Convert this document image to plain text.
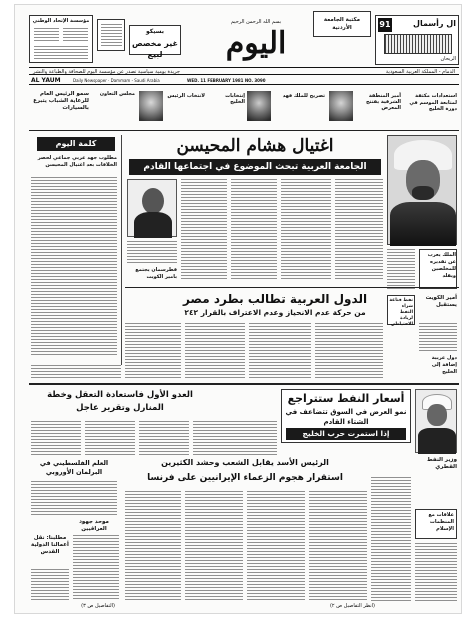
مؤسسة الإتحاد الوطني
بسيكو
غير مخصص لبيع
بسم الله الرحمن الرحيم
اليوم
مكتبة الجامعة الأردنية	91	ال رأسمال
الريحان
جريدة يومية سياسية تصدر عن مؤسسة اليوم للصحافة والطباعة والنشر	الدمام - المملكة العربية السعودية
AL YAUM	Daily Newspaper · Dammam - Saudi Arabia	WED. 11 FEBRUARY 1981 NO. 3090
سمو الرئيس العام للرعاية الشباب يتبرع بالسيارات
مجلس التعاون	لانتخاب الرئيس	إنتخابات الخليج
تصريح للملك فهد	أمير المنطقة الشرقية يفتتح المعرض
استعدادات مكثفة لمتابعة الموسم في دورة الخليج
كلمة اليوم
مطلوب جهد عربي جماعي لحصر الخلافات بعد اغتيال المحيسن
اغتيال هشام المحيسن
الجامعة العربية تبحث الموضوع في اجتماعها القادم
قطرسمان يجتمع بامير الكويت
الملك يعرب عن تقديره للمخلصين ويقلد
الدول العربية تطالب بطرد مصر
من حركة عدم الانحياز وعدم الاعتراف بالقرار ٢٤٢
أمير الكويت يستقبل
نفط قناعة شراء النفط لزيادة الاحتياطي
دول عربية إضافة إلى الخليج
العدو الأول فاستعادة التعقل وخطة المنارل وتقرير عاجل
أسعار النفط ستتراجع
نمو العرض في السوق تتضاعف في الشتاء القادم
إذا استمرت حرب الخليج
وزير النفط القطري
الرئيس الأسد يقابل الشعب وحشد الكثيرين
استقرار هجوم الزعماء الإيرانيين على فرنسا
العلم الفلسطيني في البرلمان الأوروبي
موحد جهود العراقيين
مطلبنا: نقل أعمالنا الدولية القدس
علاقات مع المنظمات الإسلام
(انظر التفاصيل ص ٢)
(التفاصيل ص ٣)
